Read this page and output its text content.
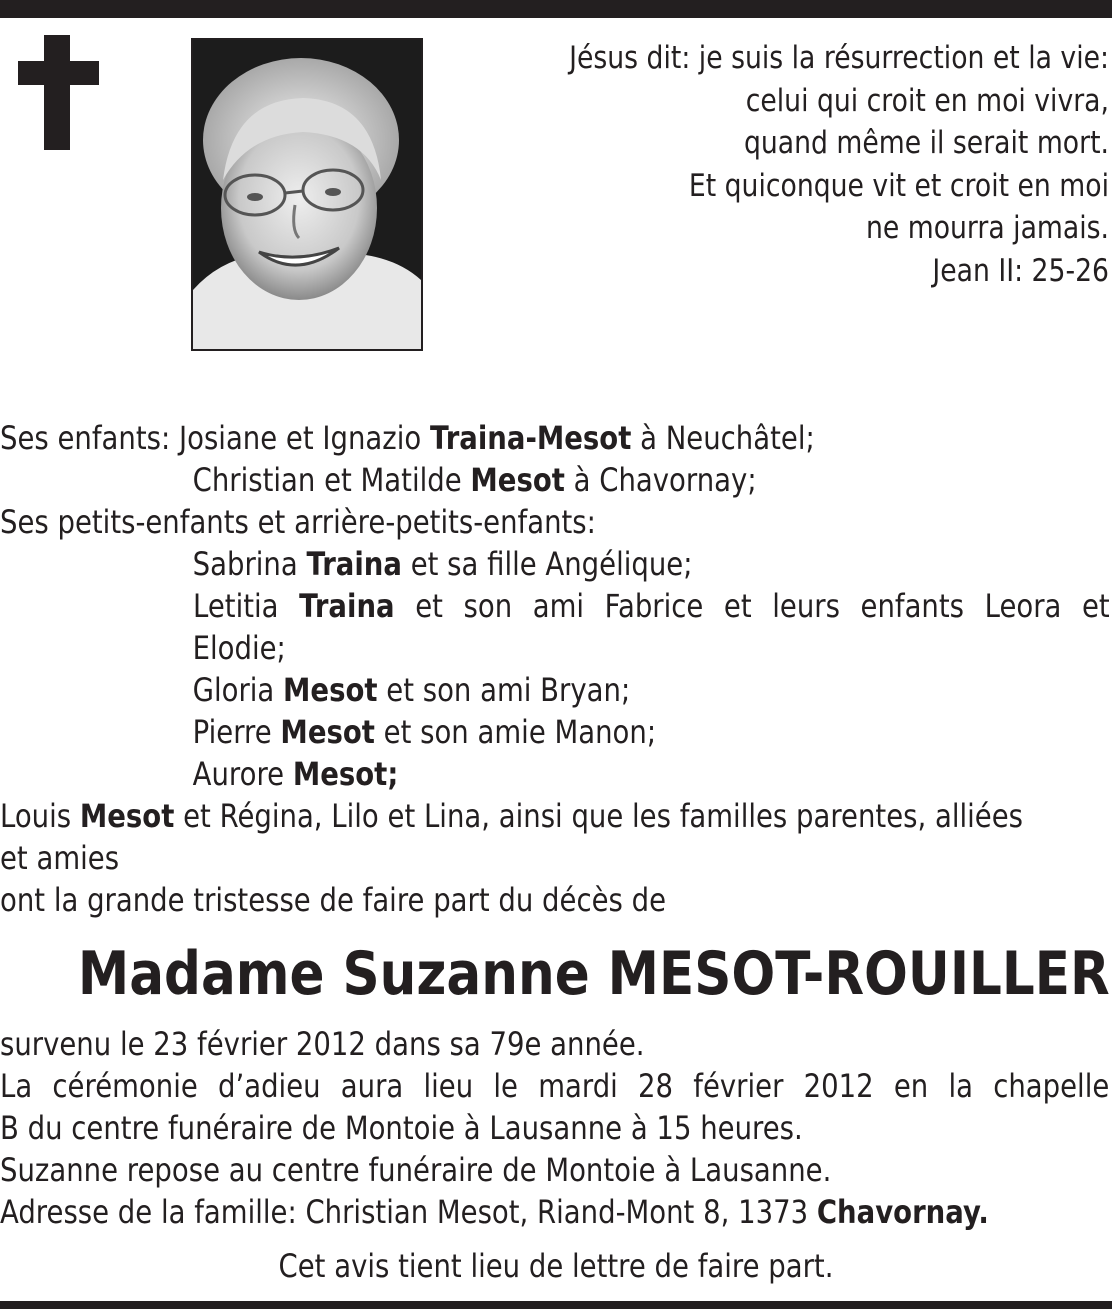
Jésus dit: je suis la résurrection et la vie:
celui qui croit en moi vivra,
quand même il serait mort.
Et quiconque vit et croit en moi
ne mourra jamais.
Jean II: 25-26
Ses enfants: Josiane et Ignazio Traina-Mesot à Neuchâtel;
Christian et Matilde Mesot à Chavornay;
Ses petits-enfants et arrière-petits-enfants:
Sabrina Traina et sa fille Angélique;
Letitia Traina et son ami Fabrice et leurs enfants Leora et
Elodie;
Gloria Mesot et son ami Bryan;
Pierre Mesot et son amie Manon;
Aurore Mesot;
Louis Mesot et Régina, Lilo et Lina, ainsi que les familles parentes, alliées
et amies
ont la grande tristesse de faire part du décès de
Madame Suzanne MESOT-ROUILLER
survenu le 23 février 2012 dans sa 79e année.
La cérémonie d’adieu aura lieu le mardi 28 février 2012 en la chapelle
B du centre funéraire de Montoie à Lausanne à 15 heures.
Suzanne repose au centre funéraire de Montoie à Lausanne.
Adresse de la famille: Christian Mesot, Riand-Mont 8, 1373 Chavornay.
Cet avis tient lieu de lettre de faire part.
